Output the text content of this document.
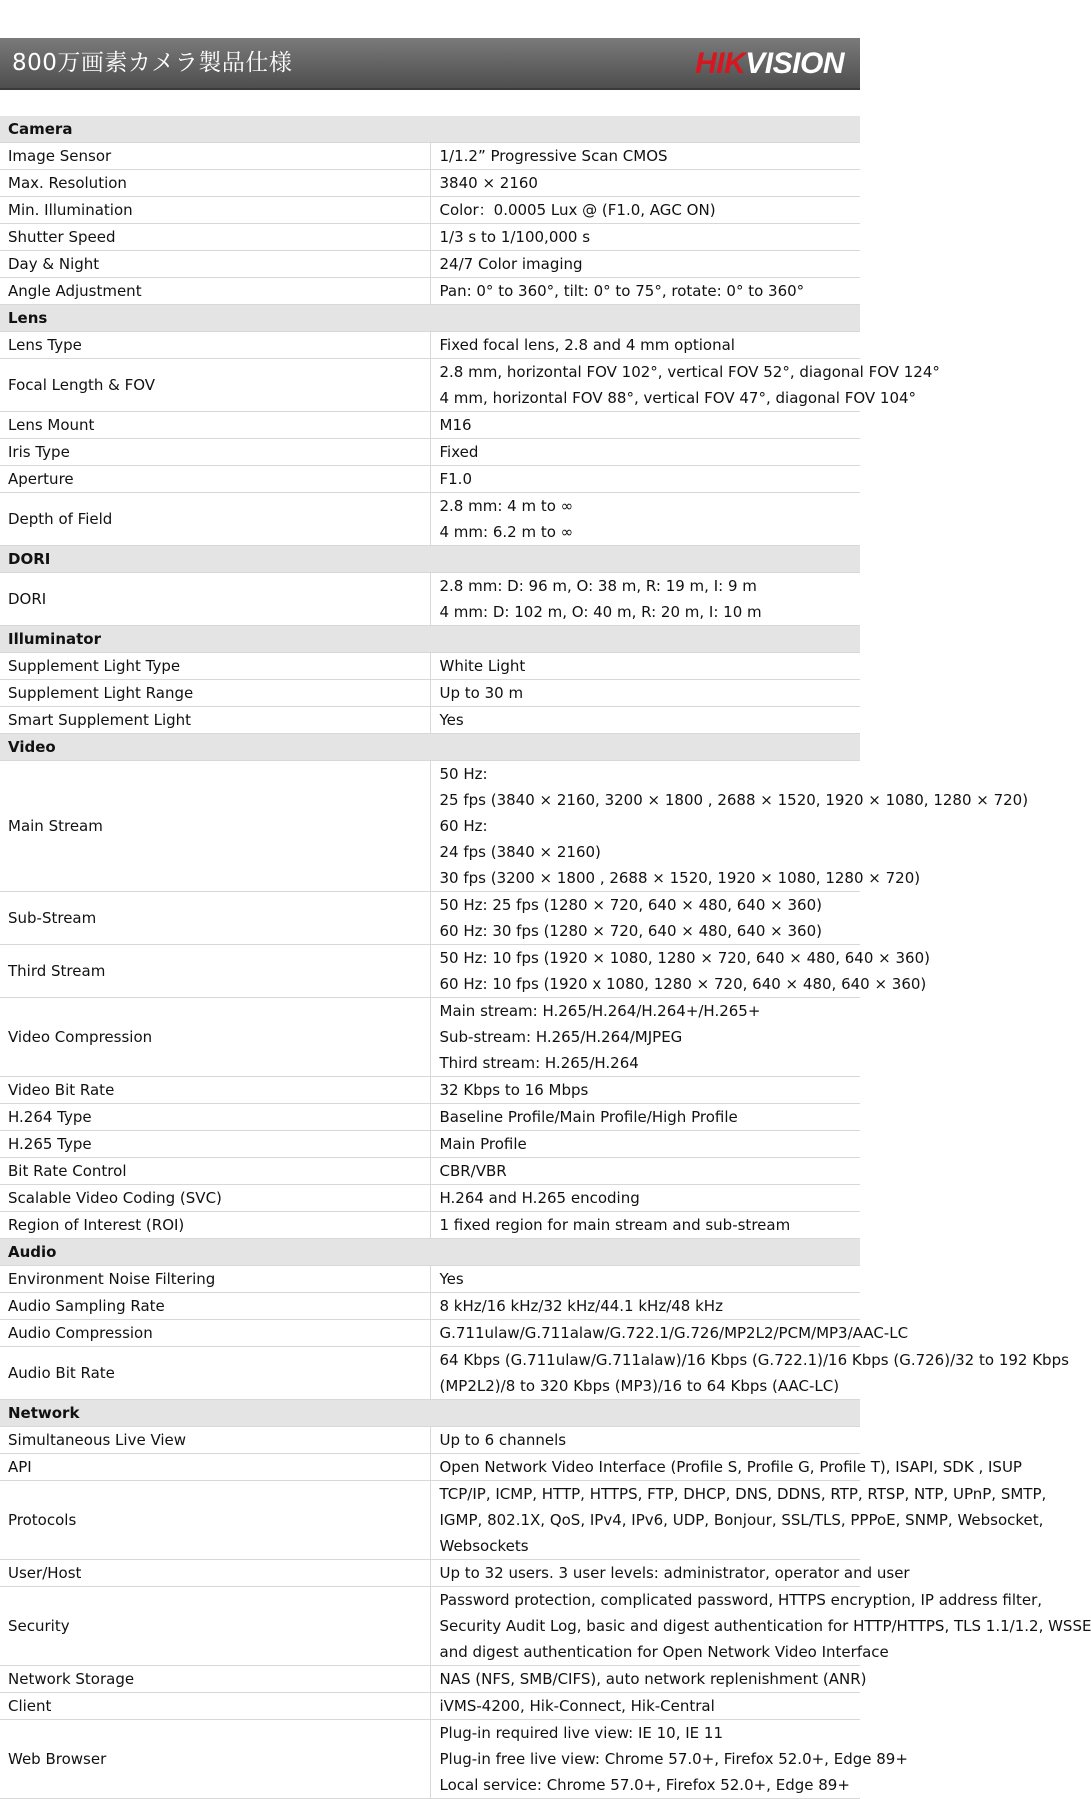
800万画素カメラ製品仕様	HIKVISION
Camera	
Image Sensor	1/1.2” Progressive Scan CMOS

Max. Resolution	3840 × 2160

Min. Illumination	Color：0.0005 Lux @ (F1.0, AGC ON)

Shutter Speed	1/3 s to 1/100,000 s

Day & Night	24/7 Color imaging

Angle Adjustment	Pan: 0° to 360°, tilt: 0° to 75°, rotate: 0° to 360°

Lens	
Lens Type	Fixed focal lens, 2.8 and 4 mm optional

Focal Length & FOV	2.8 mm, horizontal FOV 102°, vertical FOV 52°, diagonal FOV 124°
4 mm, horizontal FOV 88°, vertical FOV 47°, diagonal FOV 104°

Lens Mount	M16

Iris Type	Fixed

Aperture	F1.0

Depth of Field	2.8 mm: 4 m to ∞
4 mm: 6.2 m to ∞

DORI	
DORI	2.8 mm: D: 96 m, O: 38 m, R: 19 m, I: 9 m
4 mm: D: 102 m, O: 40 m, R: 20 m, I: 10 m

Illuminator	
Supplement Light Type	White Light

Supplement Light Range	Up to 30 m

Smart Supplement Light	Yes

Video	
Main Stream	50 Hz:
25 fps (3840 × 2160, 3200 × 1800 , 2688 × 1520, 1920 × 1080, 1280 × 720)
60 Hz:
24 fps (3840 × 2160)
30 fps (3200 × 1800 , 2688 × 1520, 1920 × 1080, 1280 × 720)

Sub-Stream	50 Hz: 25 fps (1280 × 720, 640 × 480, 640 × 360)
60 Hz: 30 fps (1280 × 720, 640 × 480, 640 × 360)

Third Stream	50 Hz: 10 fps (1920 × 1080, 1280 × 720, 640 × 480, 640 × 360)
60 Hz: 10 fps (1920 x 1080, 1280 × 720, 640 × 480, 640 × 360)

Video Compression	Main stream: H.265/H.264/H.264+/H.265+
Sub-stream: H.265/H.264/MJPEG
Third stream: H.265/H.264

Video Bit Rate	32 Kbps to 16 Mbps

H.264 Type	Baseline Profile/Main Profile/High Profile

H.265 Type	Main Profile

Bit Rate Control	CBR/VBR

Scalable Video Coding (SVC)	H.264 and H.265 encoding

Region of Interest (ROI)	1 fixed region for main stream and sub-stream

Audio	
Environment Noise Filtering	Yes

Audio Sampling Rate	8 kHz/16 kHz/32 kHz/44.1 kHz/48 kHz

Audio Compression	G.711ulaw/G.711alaw/G.722.1/G.726/MP2L2/PCM/MP3/AAC-LC

Audio Bit Rate	64 Kbps (G.711ulaw/G.711alaw)/16 Kbps (G.722.1)/16 Kbps (G.726)/32 to 192 Kbps
(MP2L2)/8 to 320 Kbps (MP3)/16 to 64 Kbps (AAC-LC)

Network	
Simultaneous Live View	Up to 6 channels

API	Open Network Video Interface (Profile S, Profile G, Profile T), ISAPI, SDK , ISUP

Protocols	TCP/IP, ICMP, HTTP, HTTPS, FTP, DHCP, DNS, DDNS, RTP, RTSP, NTP, UPnP, SMTP,
IGMP, 802.1X, QoS, IPv4, IPv6, UDP, Bonjour, SSL/TLS, PPPoE, SNMP, Websocket,
Websockets

User/Host	Up to 32 users. 3 user levels: administrator, operator and user

Security	Password protection, complicated password, HTTPS encryption, IP address filter,
Security Audit Log, basic and digest authentication for HTTP/HTTPS, TLS 1.1/1.2, WSSE
and digest authentication for Open Network Video Interface

Network Storage	NAS (NFS, SMB/CIFS), auto network replenishment (ANR)

Client	iVMS-4200, Hik-Connect, Hik-Central

Web Browser	Plug-in required live view: IE 10, IE 11
Plug-in free live view: Chrome 57.0+, Firefox 52.0+, Edge 89+
Local service: Chrome 57.0+, Firefox 52.0+, Edge 89+
